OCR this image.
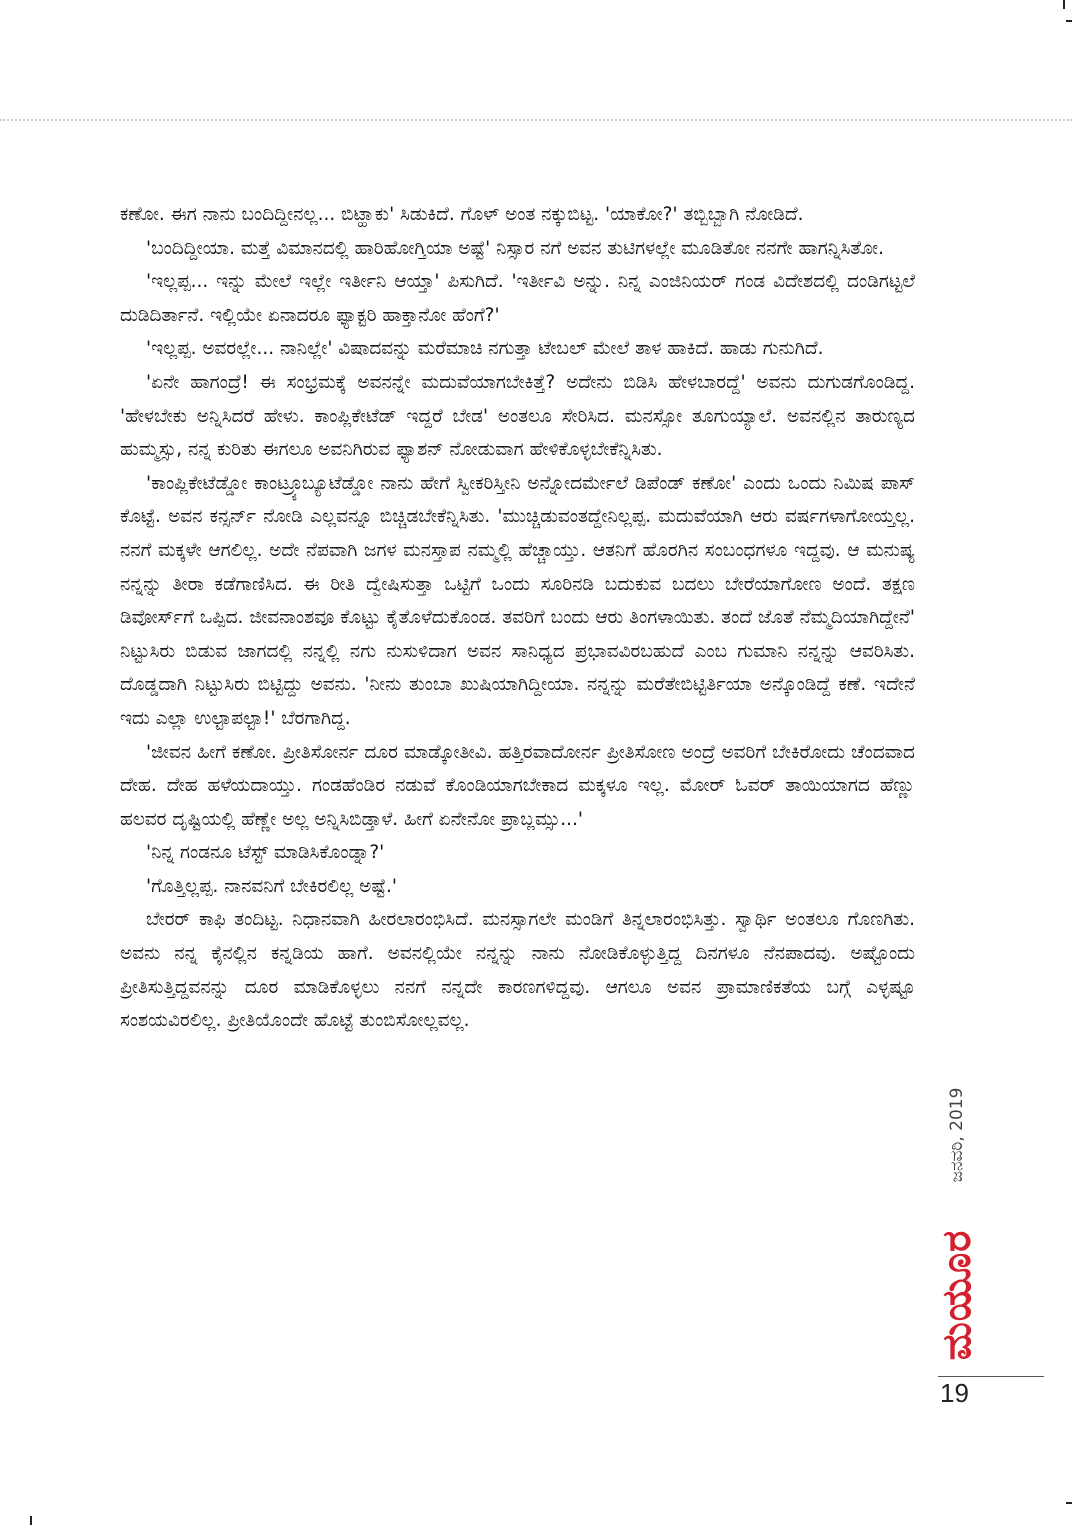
ಕಣೋ. ಈಗ ನಾನು ಬಂದಿದ್ದೀನಲ್ಲ... ಬಿಟ್ಹಾಕು' ಸಿಡುಕಿದೆ. ಗೊಳ್ ಅಂತ ನಕ್ಕುಬಿಟ್ಟ. 'ಯಾಕೋ?' ತಬ್ಬಿಬ್ಬಾಗಿ ನೋಡಿದೆ.

'ಬಂದಿದ್ದೀಯಾ. ಮತ್ತೆ ವಿಮಾನದಲ್ಲಿ ಹಾರಿಹೋಗ್ತಿಯಾ ಅಷ್ಟೆ' ನಿಸ್ಸಾರ ನಗೆ ಅವನ ತುಟಿಗಳಲ್ಲೇ ಮೂಡಿತೋ ನನಗೇ ಹಾಗನ್ನಿಸಿತೋ.

'ಇಲ್ಲಪ್ಪ... ಇನ್ನು ಮೇಲೆ ಇಲ್ಲೇ ಇರ್ತೀನಿ ಆಯ್ತಾ' ಪಿಸುಗಿದೆ. 'ಇರ್ತೀವಿ ಅನ್ನು. ನಿನ್ನ ಎಂಜಿನಿಯರ್ ಗಂಡ ವಿದೇಶದಲ್ಲಿ ದಂಡಿಗಟ್ಟಲೆ ದುಡಿದಿರ್ತಾನೆ. ಇಲ್ಲಿಯೇ ಏನಾದರೂ ಫ್ಯಾಕ್ಟರಿ ಹಾಕ್ತಾನೋ ಹೆಂಗೆ?'

'ಇಲ್ಲಪ್ಪ. ಅವರಲ್ಲೇ... ನಾನಿಲ್ಲೇ' ವಿಷಾದವನ್ನು ಮರೆಮಾಚಿ ನಗುತ್ತಾ ಟೇಬಲ್ ಮೇಲೆ ತಾಳ ಹಾಕಿದೆ. ಹಾಡು ಗುನುಗಿದೆ.

'ಏನೇ ಹಾಗಂದ್ರೆ! ಈ ಸಂಭ್ರಮಕ್ಕೆ ಅವನನ್ನೇ ಮದುವೆಯಾಗಬೇಕಿತ್ತೆ? ಅದೇನು ಬಿಡಿಸಿ ಹೇಳಬಾರದ್ದೆ' ಅವನು ದುಗುಡಗೊಂಡಿದ್ದ. 'ಹೇಳಬೇಕು ಅನ್ನಿಸಿದರೆ ಹೇಳು. ಕಾಂಪ್ಲಿಕೇಟೆಡ್ ಇದ್ದರೆ ಬೇಡ' ಅಂತಲೂ ಸೇರಿಸಿದ. ಮನಸ್ಸೋ ತೂಗುಯ್ಯಾಲೆ. ಅವನಲ್ಲಿನ ತಾರುಣ್ಯದ ಹುಮ್ಮಸ್ಸು, ನನ್ನ ಕುರಿತು ಈಗಲೂ ಅವನಿಗಿರುವ ಫ್ಯಾಶನ್ ನೋಡುವಾಗ ಹೇಳಿಕೊಳ್ಳಬೇಕೆನ್ನಿಸಿತು.

'ಕಾಂಪ್ಲಿಕೇಟೆಡ್ಡೋ ಕಾಂಟ್ರ್ಯೂಬ್ಯೂಟೆಡ್ಡೋ ನಾನು ಹೇಗೆ ಸ್ವೀಕರಿಸ್ತೀನಿ ಅನ್ನೋದರ್ಮೇಲೆ ಡಿಪೆಂಡ್ ಕಣೋ' ಎಂದು ಒಂದು ನಿಮಿಷ ಪಾಸ್ ಕೊಟ್ಟೆ. ಅವನ ಕನ್ಸರ್ನ್ ನೋಡಿ ಎಲ್ಲವನ್ನೂ ಬಿಚ್ಚಿಡಬೇಕೆನ್ನಿಸಿತು. 'ಮುಚ್ಚಿಡುವಂತದ್ದೇನಿಲ್ಲಪ್ಪ. ಮದುವೆಯಾಗಿ ಆರು ವರ್ಷಗಳಾಗೋಯ್ತಲ್ಲ. ನನಗೆ ಮಕ್ಕಳೇ ಆಗಲಿಲ್ಲ. ಅದೇ ನೆಪವಾಗಿ ಜಗಳ ಮನಸ್ತಾಪ ನಮ್ಮಲ್ಲಿ ಹೆಚ್ಚಾಯ್ತು. ಆತನಿಗೆ ಹೊರಗಿನ ಸಂಬಂಧಗಳೂ ಇದ್ದವು. ಆ ಮನುಷ್ಯ ನನ್ನನ್ನು ತೀರಾ ಕಡೆಗಾಣಿಸಿದ. ಈ ರೀತಿ ದ್ವೇಷಿಸುತ್ತಾ ಒಟ್ಟಿಗೆ ಒಂದು ಸೂರಿನಡಿ ಬದುಕುವ ಬದಲು ಬೇರೆಯಾಗೋಣ ಅಂದೆ. ತಕ್ಷಣ ಡಿವೋರ್ಸ್‌ಗೆ ಒಪ್ಪಿದ. ಜೀವನಾಂಶವೂ ಕೊಟ್ಟು ಕೈತೊಳೆದುಕೊಂಡ. ತವರಿಗೆ ಬಂದು ಆರು ತಿಂಗಳಾಯಿತು. ತಂದೆ ಜೊತೆ ನೆಮ್ಮದಿಯಾಗಿದ್ದೇನೆ' ನಿಟ್ಟುಸಿರು ಬಿಡುವ ಜಾಗದಲ್ಲಿ ನನ್ನಲ್ಲಿ ನಗು ನುಸುಳಿದಾಗ ಅವನ ಸಾನಿಧ್ಯದ ಪ್ರಭಾವವಿರಬಹುದೆ ಎಂಬ ಗುಮಾನಿ ನನ್ನನ್ನು ಆವರಿಸಿತು. ದೊಡ್ಡದಾಗಿ ನಿಟ್ಟುಸಿರು ಬಿಟ್ಟಿದ್ದು ಅವನು. 'ನೀನು ತುಂಬಾ ಖುಷಿಯಾಗಿದ್ದೀಯಾ. ನನ್ನನ್ನು ಮರೆತೇಬಿಟ್ಟಿರ್ತಿಯಾ ಅನ್ಕೊಂಡಿದ್ದೆ ಕಣೆ. ಇದೇನೆ ಇದು ಎಲ್ಲಾ ಉಲ್ಟಾಪಲ್ಟಾ!' ಬೆರಗಾಗಿದ್ದ.

'ಜೀವನ ಹೀಗೆ ಕಣೋ. ಪ್ರೀತಿಸೋರ್ನ ದೂರ ಮಾಡ್ಕೋತೀವಿ. ಹತ್ತಿರವಾದೋರ್ನ ಪ್ರೀತಿಸೋಣ ಅಂದ್ರೆ ಅವರಿಗೆ ಬೇಕಿರೋದು ಚೆಂದವಾದ ದೇಹ. ದೇಹ ಹಳೆಯದಾಯ್ತು. ಗಂಡಹೆಂಡಿರ ನಡುವೆ ಕೊಂಡಿಯಾಗಬೇಕಾದ ಮಕ್ಕಳೂ ಇಲ್ಲ. ಮೋರ್ ಓವರ್ ತಾಯಿಯಾಗದ ಹೆಣ್ಣು ಹಲವರ ದೃಷ್ಟಿಯಲ್ಲಿ ಹೆಣ್ಣೇ ಅಲ್ಲ ಅನ್ನಿಸಿಬಿಡ್ತಾಳೆ. ಹೀಗೆ ಏನೇನೋ ಪ್ರಾಬ್ಲಮ್ಸು...'

'ನಿನ್ನ ಗಂಡನೂ ಟೆಸ್ಟ್ ಮಾಡಿಸಿಕೊಂಡ್ನಾ?'

'ಗೊತ್ತಿಲ್ಲಪ್ಪ. ನಾನವನಿಗೆ ಬೇಕಿರಲಿಲ್ಲ ಅಷ್ಟೆ.'

ಬೇರರ್ ಕಾಫಿ ತಂದಿಟ್ಟ. ನಿಧಾನವಾಗಿ ಹೀರಲಾರಂಭಿಸಿದೆ. ಮನಸ್ಸಾಗಲೇ ಮಂಡಿಗೆ ತಿನ್ನಲಾರಂಭಿಸಿತ್ತು. ಸ್ವಾರ್ಥಿ ಅಂತಲೂ ಗೊಣಗಿತು. ಅವನು ನನ್ನ ಕೈನಲ್ಲಿನ ಕನ್ನಡಿಯ ಹಾಗೆ. ಅವನಲ್ಲಿಯೇ ನನ್ನನ್ನು ನಾನು ನೋಡಿಕೊಳ್ಳುತ್ತಿದ್ದ ದಿನಗಳೂ ನೆನಪಾದವು. ಅಷ್ಟೊಂದು ಪ್ರೀತಿಸುತ್ತಿದ್ದವನನ್ನು ದೂರ ಮಾಡಿಕೊಳ್ಳಲು ನನಗೆ ನನ್ನದೇ ಕಾರಣಗಳಿದ್ದವು. ಆಗಲೂ ಅವನ ಪ್ರಾಮಾಣಿಕತೆಯ ಬಗ್ಗೆ ಎಳ್ಳಷ್ಟೂ ಸಂಶಯವಿರಲಿಲ್ಲ. ಪ್ರೀತಿಯೊಂದೇ ಹೊಟ್ಟೆ ತುಂಬಿಸೋಲ್ಲವಲ್ಲ.

ಜನವರಿ, 2019
ಮಯೂರ
19
